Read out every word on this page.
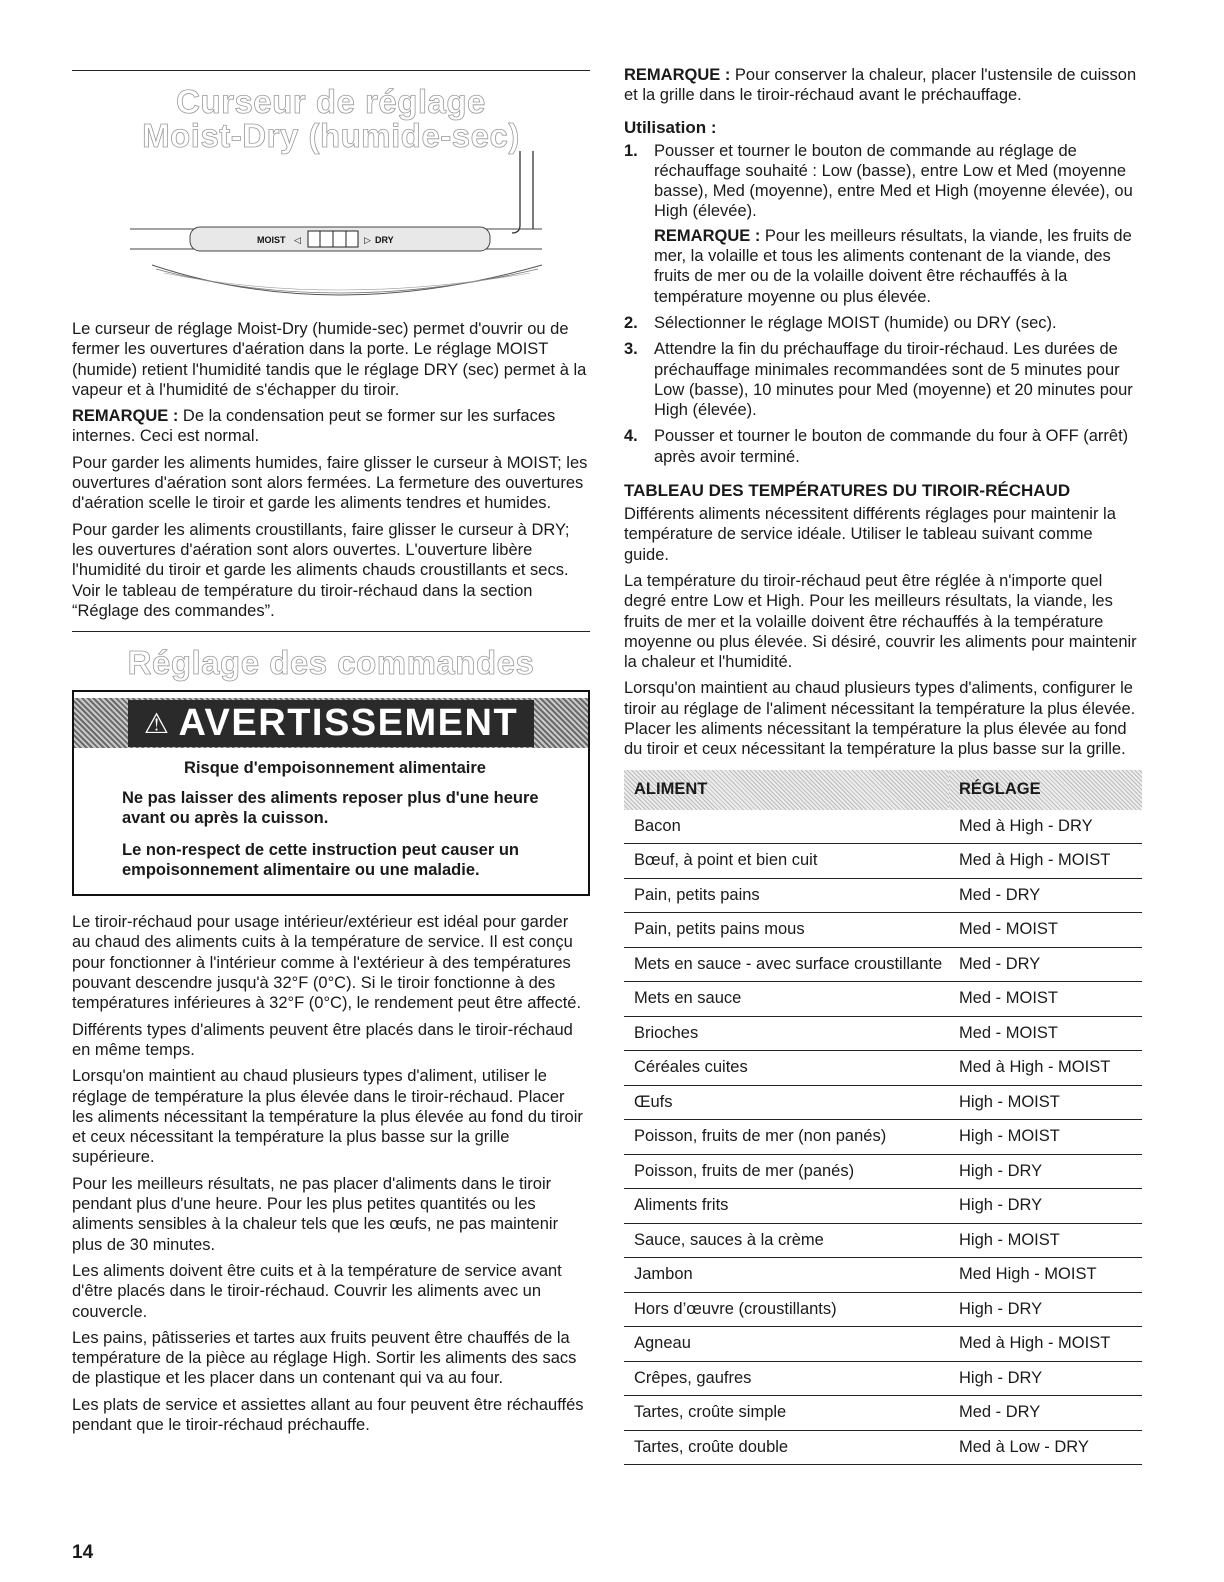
Curseur de réglage
Moist-Dry (humide-sec)
MOIST ◁	▷ DRY

Le curseur de réglage Moist-Dry (humide-sec) permet d'ouvrir ou de fermer les ouvertures d'aération dans la porte. Le réglage MOIST (humide) retient l'humidité tandis que le réglage DRY (sec) permet à la vapeur et à l'humidité de s'échapper du tiroir.

REMARQUE : De la condensation peut se former sur les surfaces internes. Ceci est normal.

Pour garder les aliments humides, faire glisser le curseur à MOIST; les ouvertures d'aération sont alors fermées. La fermeture des ouvertures d'aération scelle le tiroir et garde les aliments tendres et humides.

Pour garder les aliments croustillants, faire glisser le curseur à DRY; les ouvertures d'aération sont alors ouvertes. L'ouverture libère l'humidité du tiroir et garde les aliments chauds croustillants et secs. Voir le tableau de température du tiroir-réchaud dans la section “Réglage des commandes”.

Réglage des commandes
⚠ AVERTISSEMENT
Risque d'empoisonnement alimentaire
Ne pas laisser des aliments reposer plus d'une heure avant ou après la cuisson.
Le non-respect de cette instruction peut causer un empoisonnement alimentaire ou une maladie.

Le tiroir-réchaud pour usage intérieur/extérieur est idéal pour garder au chaud des aliments cuits à la température de service. Il est conçu pour fonctionner à l'intérieur comme à l'extérieur à des températures pouvant descendre jusqu'à 32°F (0°C). Si le tiroir fonctionne à des températures inférieures à 32°F (0°C), le rendement peut être affecté.

Différents types d'aliments peuvent être placés dans le tiroir-réchaud en même temps.

Lorsqu'on maintient au chaud plusieurs types d'aliment, utiliser le réglage de température la plus élevée dans le tiroir-réchaud. Placer les aliments nécessitant la température la plus élevée au fond du tiroir et ceux nécessitant la température la plus basse sur la grille supérieure.

Pour les meilleurs résultats, ne pas placer d'aliments dans le tiroir pendant plus d'une heure. Pour les plus petites quantités ou les aliments sensibles à la chaleur tels que les œufs, ne pas maintenir plus de 30 minutes.

Les aliments doivent être cuits et à la température de service avant d'être placés dans le tiroir-réchaud. Couvrir les aliments avec un couvercle.

Les pains, pâtisseries et tartes aux fruits peuvent être chauffés de la température de la pièce au réglage High. Sortir les aliments des sacs de plastique et les placer dans un contenant qui va au four.

Les plats de service et assiettes allant au four peuvent être réchauffés pendant que le tiroir-réchaud préchauffe.

REMARQUE : Pour conserver la chaleur, placer l'ustensile de cuisson et la grille dans le tiroir-réchaud avant le préchauffage.

Utilisation :
1. Pousser et tourner le bouton de commande au réglage de réchauffage souhaité : Low (basse), entre Low et Med (moyenne basse), Med (moyenne), entre Med et High (moyenne élevée), ou High (élevée).
REMARQUE : Pour les meilleurs résultats, la viande, les fruits de mer, la volaille et tous les aliments contenant de la viande, des fruits de mer ou de la volaille doivent être réchauffés à la température moyenne ou plus élevée.
2. Sélectionner le réglage MOIST (humide) ou DRY (sec).
3. Attendre la fin du préchauffage du tiroir-réchaud. Les durées de préchauffage minimales recommandées sont de 5 minutes pour Low (basse), 10 minutes pour Med (moyenne) et 20 minutes pour High (élevée).
4. Pousser et tourner le bouton de commande du four à OFF (arrêt) après avoir terminé.
TABLEAU DES TEMPÉRATURES DU TIROIR-RÉCHAUD

Différents aliments nécessitent différents réglages pour maintenir la température de service idéale. Utiliser le tableau suivant comme guide.

La température du tiroir-réchaud peut être réglée à n'importe quel degré entre Low et High. Pour les meilleurs résultats, la viande, les fruits de mer et la volaille doivent être réchauffés à la température moyenne ou plus élevée. Si désiré, couvrir les aliments pour maintenir la chaleur et l'humidité.

Lorsqu'on maintient au chaud plusieurs types d'aliments, configurer le tiroir au réglage de l'aliment nécessitant la température la plus élevée. Placer les aliments nécessitant la température la plus élevée au fond du tiroir et ceux nécessitant la température la plus basse sur la grille.

ALIMENT	RÉGLAGE
Bacon	Med à High - DRY
Bœuf, à point et bien cuit	Med à High - MOIST
Pain, petits pains	Med - DRY
Pain, petits pains mous	Med - MOIST
Mets en sauce - avec surface croustillante	Med - DRY
Mets en sauce	Med - MOIST
Brioches	Med - MOIST
Céréales cuites	Med à High - MOIST
Œufs	High - MOIST
Poisson, fruits de mer (non panés)	High - MOIST
Poisson, fruits de mer (panés)	High - DRY
Aliments frits	High - DRY
Sauce, sauces à la crème	High - MOIST
Jambon	Med High - MOIST
Hors d’œuvre (croustillants)	High - DRY
Agneau	Med à High - MOIST
Crêpes, gaufres	High - DRY
Tartes, croûte simple	Med - DRY
Tartes, croûte double	Med à Low - DRY
14
